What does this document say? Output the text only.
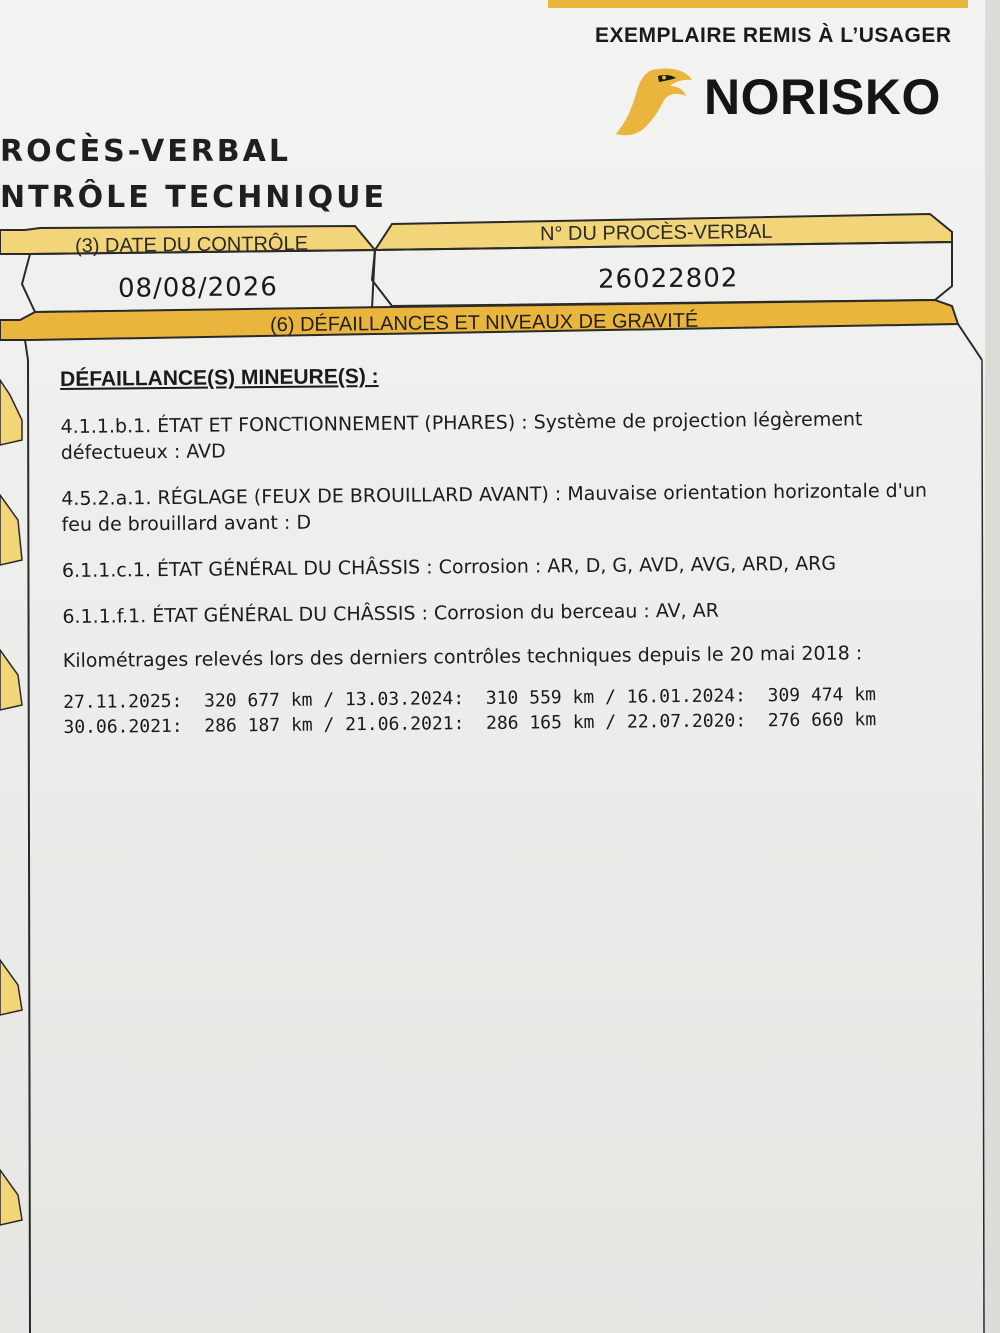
EXEMPLAIRE REMIS À L’USAGER
NORISKO
ROCÈS-VERBAL
NTRÔLE TECHNIQUE
(3) DATE DU CONTRÔLE	N° DU PROCÈS-VERBAL
08/08/2026	26022802
(6) DÉFAILLANCES ET NIVEAUX DE GRAVITÉ
DÉFAILLANCE(S) MINEURE(S) :
4.1.1.b.1. ÉTAT ET FONCTIONNEMENT (PHARES) : Système de projection légèrement défectueux : AVD
4.5.2.a.1. RÉGLAGE (FEUX DE BROUILLARD AVANT) : Mauvaise orientation horizontale d'un feu de brouillard avant : D
6.1.1.c.1. ÉTAT GÉNÉRAL DU CHÂSSIS : Corrosion : AR, D, G, AVD, AVG, ARD, ARG
6.1.1.f.1. ÉTAT GÉNÉRAL DU CHÂSSIS : Corrosion du berceau : AV, AR
Kilométrages relevés lors des derniers contrôles techniques depuis le 20 mai 2018 :
27.11.2025:  320 677 km / 13.03.2024:  310 559 km / 16.01.2024:  309 474 km
30.06.2021:  286 187 km / 21.06.2021:  286 165 km / 22.07.2020:  276 660 km
